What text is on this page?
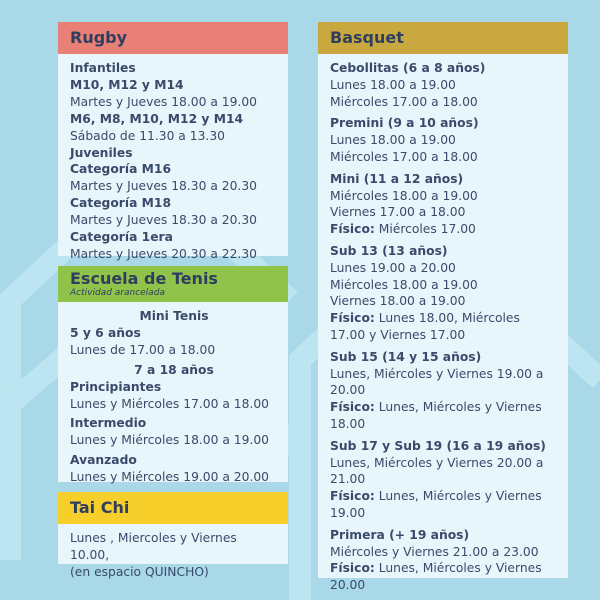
Rugby
Infantiles
M10, M12 y M14
Martes y Jueves 18.00 a 19.00
M6, M8, M10, M12 y M14
Sábado de 11.30 a 13.30
Juveniles
Categoría M16
Martes y Jueves 18.30 a 20.30
Categoría M18
Martes y Jueves 18.30 a 20.30
Categoría 1era
Martes y Jueves 20.30 a 22.30
Escuela de Tenis
Actividad arancelada
Mini Tenis
5 y 6 años
Lunes de 17.00 a 18.00
7 a 18 años
Principiantes
Lunes y Miércoles 17.00 a 18.00
Intermedio
Lunes y Miércoles 18.00 a 19.00
Avanzado
Lunes y Miércoles 19.00 a 20.00
Tai Chi
Lunes , Miercoles y Viernes 10.00,
(en espacio QUINCHO)
Basquet
Cebollitas (6 a 8 años)
Lunes 18.00 a 19.00
Miércoles 17.00 a 18.00
Premini (9 a 10 años)
Lunes 18.00 a 19.00
Miércoles 17.00 a 18.00
Mini (11 a 12 años)
Miércoles 18.00 a 19.00
Viernes 17.00 a 18.00
Físico: Miércoles 17.00
Sub 13 (13 años)
Lunes 19.00 a 20.00
Miércoles 18.00 a 19.00
Viernes 18.00 a 19.00
Físico: Lunes 18.00, Miércoles 17.00 y Viernes 17.00
Sub 15 (14 y 15 años)
Lunes, Miércoles y Viernes 19.00 a 20.00
Físico: Lunes, Miércoles y Viernes 18.00
Sub 17 y Sub 19 (16 a 19 años)
Lunes, Miércoles y Viernes 20.00 a 21.00
Físico: Lunes, Miércoles y Viernes 19.00
Primera (+ 19 años)
Miércoles y Viernes 21.00 a 23.00
Físico: Lunes, Miércoles y Viernes 20.00
